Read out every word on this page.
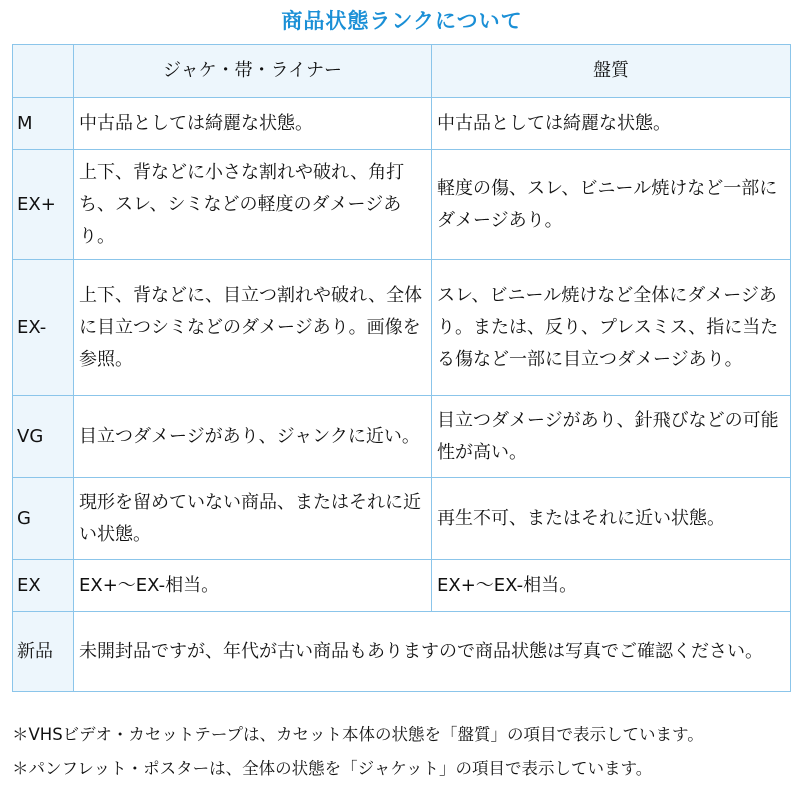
商品状態ランクについて
	ジャケ・帯・ライナー	盤質
M	中古品としては綺麗な状態。	中古品としては綺麗な状態。
EX+	上下、背などに小さな割れや破れ、角打ち、スレ、シミなどの軽度のダメージあり。	軽度の傷、スレ、ビニール焼けなど一部にダメージあり。
EX-	上下、背などに、目立つ割れや破れ、全体に目立つシミなどのダメージあり。画像を参照。	スレ、ビニール焼けなど全体にダメージあり。または、反り、プレスミス、指に当たる傷など一部に目立つダメージあり。
VG	目立つダメージがあり、ジャンクに近い。	目立つダメージがあり、針飛びなどの可能性が高い。
G	現形を留めていない商品、またはそれに近い状態。	再生不可、またはそれに近い状態。
EX	EX+〜EX-相当。	EX+〜EX-相当。
新品	未開封品ですが、年代が古い商品もありますので商品状態は写真でご確認ください。	
＊VHSビデオ・カセットテープは、カセット本体の状態を「盤質」の項目で表示しています。
＊パンフレット・ポスターは、全体の状態を「ジャケット」の項目で表示しています。
